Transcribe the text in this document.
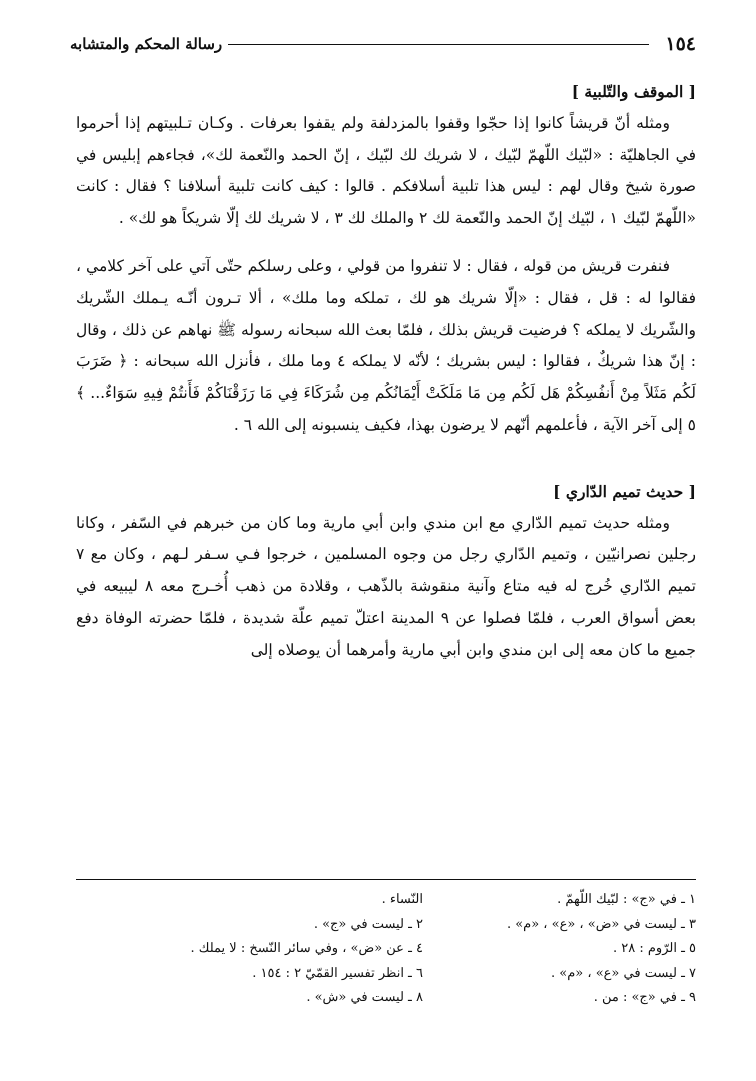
١٥٤
رسالة المحكم والمتشابه

[ الموقف والتّلبية ]

ومثله أنّ قريشاً كانوا إذا حجّوا وقفوا بالمزدلفة ولم يقفوا بعرفات . وكـان تـلبيتهم إذا أحرموا في الجاهليّة : «لبّيك اللّهمّ لبّيك ، لا شريك لك لبّيك ، إنّ الحمد والنّعمة لك»، فجاءهم إبليس في صورة شيخ وقال لهم : ليس هذا تلبية أسلافكم . قالوا : كيف كانت تلبية أسلافنا ؟ فقال : كانت «اللّهمّ لبّيك ١ ، لبّيك إنّ الحمد والنّعمة لك ٢ والملك لك ٣ ، لا شريك لك إلّا شريكاً هو لك» .

فنفرت قريش من قوله ، فقال : لا تنفروا من قولي ، وعلى رسلكم حتّى آتي على آخر كلامي ، فقالوا له : قل ، فقال : «إلّا شريك هو لك ، تملكه وما ملك» ، ألا تـرون أنّـه يـملك الشّريك والشّريك لا يملكه ؟ فرضيت قريش بذلك ، فلمّا بعث الله سبحانه رسوله ﷺ نهاهم عن ذلك ، وقال : إنّ هذا شريكٌ ، فقالوا : ليس بشريك ؛ لأنّه لا يملكه ٤ وما ملك ، فأنزل الله سبحانه : ﴿ ضَرَبَ لَكُم مَثَلاً مِنْ أَنفُسِكُمْ هَل لَكُم مِن مَا مَلَكَتْ أَيْمَانُكُم مِن شُرَكَاءَ فِي مَا رَزَقْنَاكُمْ فَأَنتُمْ فِيهِ سَوَاءٌ... ﴾ ٥ إلى آخر الآية ، فأعلمهم أنّهم لا يرضون بهذا، فكيف ينسبونه إلى الله ٦ .

[ حديث تميم الدّاري ]

ومثله حديث تميم الدّاري مع ابن مندي وابن أبي مارية وما كان من خبرهم في السّفر ، وكانا رجلين نصرانيّين ، وتميم الدّاري رجل من وجوه المسلمين ، خرجوا فـي سـفر لـهم ، وكان مع ٧ تميم الدّاري خُرج له فيه متاع وآنية منقوشة بالذّهب ، وقلادة من ذهب أُخـرج معه ٨ ليبيعه في بعض أسواق العرب ، فلمّا فصلوا عن ٩ المدينة اعتلّ تميم علّة شديدة ، فلمّا حضرته الوفاة دفع جميع ما كان معه إلى ابن مندي وابن أبي مارية وأمرهما أن يوصلاه إلى

١ ـ في «ج» : لبّيك اللّهمّ .
النّساء .
٣ ـ ليست في «ض» ، «ع» ، «م» .
٢ ـ ليست في «ج» .
٥ ـ الرّوم : ٢٨ .
٤ ـ عن «ض» ، وفي سائر النّسخ : لا يملك .
٧ ـ ليست في «ع» ، «م» .
٦ ـ انظر تفسير القمّيّ ٢ : ١٥٤ .
٩ ـ في «ج» : من .
٨ ـ ليست في «ش» .
